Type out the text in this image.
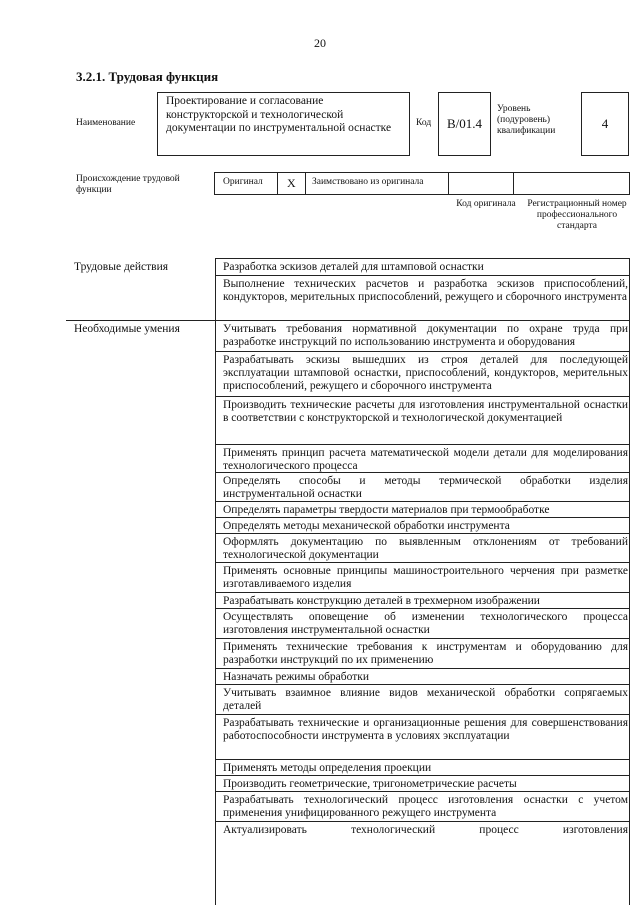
20
3.2.1. Трудовая функция
Наименование
Проектирование и согласование конструкторской и технологической документации по инструментальной оснастке	Код	B/01.4
Уровень (подуровень) квалификации	4
Происхождение трудовой функции
Оригинал X Заимствовано из оригинала
Код оригинала	Регистрационный номер профессионального стандарта
Трудовые действия	Разработка эскизов деталей для штамповой оснастки
Выполнение технических расчетов и разработка эскизов приспособлений, кондукторов, мерительных приспособлений, режущего и сборочного инструмента
Необходимые умения	Учитывать требования нормативной документации по охране труда при разработке инструкций по использованию инструмента и оборудования
Разрабатывать эскизы вышедших из строя деталей для последующей эксплуатации штамповой оснастки, приспособлений, кондукторов, мерительных приспособлений, режущего и сборочного инструмента
Производить технические расчеты для изготовления инструментальной оснастки в соответствии с конструкторской и технологической документацией
Применять принцип расчета математической модели детали для моделирования технологического процесса
Определять способы и методы термической обработки изделия инструментальной оснастки
Определять параметры твердости материалов при термообработке
Определять методы механической обработки инструмента
Оформлять документацию по выявленным отклонениям от требований технологической документации
Применять основные принципы машиностроительного черчения при разметке изготавливаемого изделия
Разрабатывать конструкцию деталей в трехмерном изображении
Осуществлять оповещение об изменении технологического процесса изготовления инструментальной оснастки
Применять технические требования к инструментам и оборудованию для разработки инструкций по их применению
Назначать режимы обработки
Учитывать взаимное влияние видов механической обработки сопрягаемых деталей
Разрабатывать технические и организационные решения для совершенствования работоспособности инструмента в условиях эксплуатации
Применять методы определения проекции
Производить геометрические, тригонометрические расчеты
Разрабатывать технологический процесс изготовления оснастки с учетом применения унифицированного режущего инструмента
Актуализировать технологический процесс изготовления
